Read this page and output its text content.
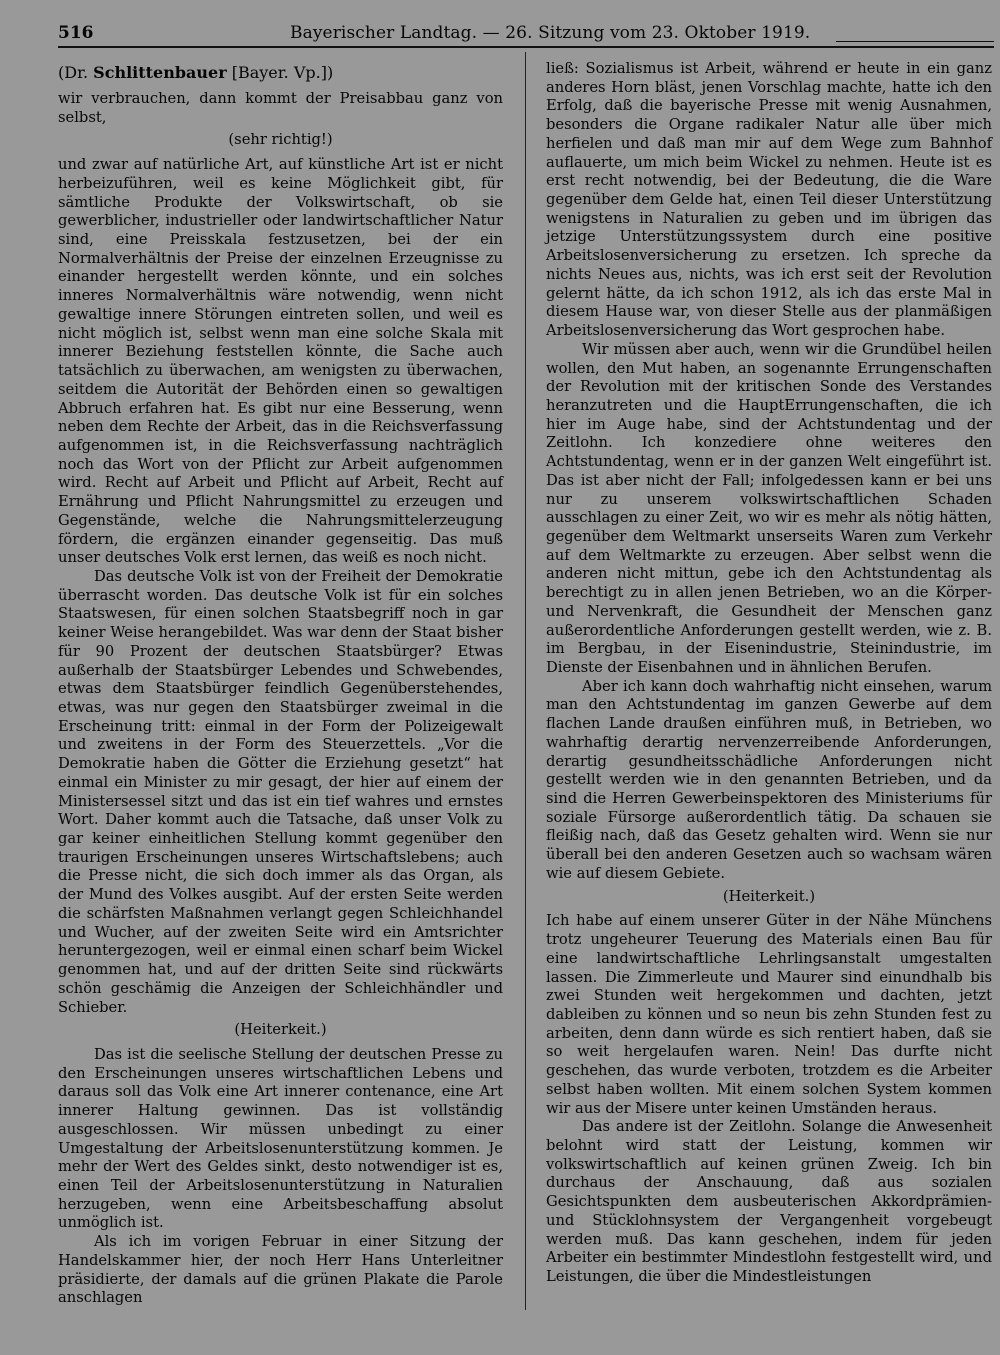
516	Bayerischer Landtag. — 26. Sitzung vom 23. Oktober 1919.

(Dr. Schlittenbauer [Bayer. Vp.])

wir verbrauchen, dann kommt der Preisabbau ganz von selbst,

(sehr richtig!)

und zwar auf natürliche Art, auf künstliche Art ist er nicht herbeizuführen, weil es keine Möglichkeit gibt, für sämtliche Produkte der Volkswirtschaft, ob sie gewerblicher, industrieller oder landwirtschaftlicher Natur sind, eine Preisskala festzusetzen, bei der ein Normalverhältnis der Preise der einzelnen Erzeugnisse zu einander hergestellt werden könnte, und ein solches inneres Normalverhältnis wäre notwendig, wenn nicht gewaltige innere Störungen eintreten sollen, und weil es nicht möglich ist, selbst wenn man eine solche Skala mit innerer Beziehung feststellen könnte, die Sache auch tatsächlich zu überwachen, am wenigsten zu überwachen, seitdem die Autorität der Behörden einen so gewaltigen Abbruch erfahren hat. Es gibt nur eine Besserung, wenn neben dem Rechte der Arbeit, das in die Reichsverfassung aufgenommen ist, in die Reichsverfassung nachträglich noch das Wort von der Pflicht zur Arbeit aufgenommen wird. Recht auf Arbeit und Pflicht auf Arbeit, Recht auf Ernährung und Pflicht Nahrungsmittel zu erzeugen und Gegenstände, welche die Nahrungsmittelerzeugung fördern, die ergänzen einander gegenseitig. Das muß unser deutsches Volk erst lernen, das weiß es noch nicht.

Das deutsche Volk ist von der Freiheit der Demokratie überrascht worden. Das deutsche Volk ist für ein solches Staatswesen, für einen solchen Staatsbegriff noch in gar keiner Weise herangebildet. Was war denn der Staat bisher für 90 Prozent der deutschen Staatsbürger? Etwas außerhalb der Staatsbürger Lebendes und Schwebendes, etwas dem Staatsbürger feindlich Gegenüberstehendes, etwas, was nur gegen den Staatsbürger zweimal in die Erscheinung tritt: einmal in der Form der Polizeigewalt und zweitens in der Form des Steuerzettels. „Vor die Demokratie haben die Götter die Erziehung gesetzt“ hat einmal ein Minister zu mir gesagt, der hier auf einem der Ministersessel sitzt und das ist ein tief wahres und ernstes Wort. Daher kommt auch die Tatsache, daß unser Volk zu gar keiner einheitlichen Stellung kommt gegenüber den traurigen Erscheinungen unseres Wirtschaftslebens; auch die Presse nicht, die sich doch immer als das Organ, als der Mund des Volkes ausgibt. Auf der ersten Seite werden die schärfsten Maßnahmen verlangt gegen Schleichhandel und Wucher, auf der zweiten Seite wird ein Amtsrichter heruntergezogen, weil er einmal einen scharf beim Wickel genommen hat, und auf der dritten Seite sind rückwärts schön geschämig die Anzeigen der Schleichhändler und Schieber.

(Heiterkeit.)

Das ist die seelische Stellung der deutschen Presse zu den Erscheinungen unseres wirtschaftlichen Lebens und daraus soll das Volk eine Art innerer contenance, eine Art innerer Haltung gewinnen. Das ist vollständig ausgeschlossen. Wir müssen unbedingt zu einer Umgestaltung der Arbeitslosenunterstützung kommen. Je mehr der Wert des Geldes sinkt, desto notwendiger ist es, einen Teil der Arbeitslosenunterstützung in Naturalien herzugeben, wenn eine Arbeitsbeschaffung absolut unmöglich ist.

Als ich im vorigen Februar in einer Sitzung der Handelskammer hier, der noch Herr Hans Unterleitner präsidierte, der damals auf die grünen Plakate die Parole anschlagen

ließ: Sozialismus ist Arbeit, während er heute in ein ganz anderes Horn bläst, jenen Vorschlag machte, hatte ich den Erfolg, daß die bayerische Presse mit wenig Ausnahmen, besonders die Organe radikaler Natur alle über mich herfielen und daß man mir auf dem Wege zum Bahnhof auflauerte, um mich beim Wickel zu nehmen. Heute ist es erst recht notwendig, bei der Bedeutung, die die Ware gegenüber dem Gelde hat, einen Teil dieser Unterstützung wenigstens in Naturalien zu geben und im übrigen das jetzige Unterstützungssystem durch eine positive Arbeitslosenversicherung zu ersetzen. Ich spreche da nichts Neues aus, nichts, was ich erst seit der Revolution gelernt hätte, da ich schon 1912, als ich das erste Mal in diesem Hause war, von dieser Stelle aus der planmäßigen Arbeitslosenversicherung das Wort gesprochen habe.

Wir müssen aber auch, wenn wir die Grundübel heilen wollen, den Mut haben, an sogenannte Errungenschaften der Revolution mit der kritischen Sonde des Verstandes heranzutreten und die HauptErrungenschaften, die ich hier im Auge habe, sind der Achtstundentag und der Zeitlohn. Ich konzediere ohne weiteres den Achtstundentag, wenn er in der ganzen Welt eingeführt ist. Das ist aber nicht der Fall; infolgedessen kann er bei uns nur zu unserem volkswirtschaftlichen Schaden ausschlagen zu einer Zeit, wo wir es mehr als nötig hätten, gegenüber dem Weltmarkt unserseits Waren zum Verkehr auf dem Weltmarkte zu erzeugen. Aber selbst wenn die anderen nicht mittun, gebe ich den Achtstundentag als berechtigt zu in allen jenen Betrieben, wo an die Körper- und Nervenkraft, die Gesundheit der Menschen ganz außerordentliche Anforderungen gestellt werden, wie z. B. im Bergbau, in der Eisenindustrie, Steinindustrie, im Dienste der Eisenbahnen und in ähnlichen Berufen.

Aber ich kann doch wahrhaftig nicht einsehen, warum man den Achtstundentag im ganzen Gewerbe auf dem flachen Lande draußen einführen muß, in Betrieben, wo wahrhaftig derartig nervenzerreibende Anforderungen, derartig gesundheitsschädliche Anforderungen nicht gestellt werden wie in den genannten Betrieben, und da sind die Herren Gewerbeinspektoren des Ministeriums für soziale Fürsorge außerordentlich tätig. Da schauen sie fleißig nach, daß das Gesetz gehalten wird. Wenn sie nur überall bei den anderen Gesetzen auch so wachsam wären wie auf diesem Gebiete.

(Heiterkeit.)

Ich habe auf einem unserer Güter in der Nähe Münchens trotz ungeheurer Teuerung des Materials einen Bau für eine landwirtschaftliche Lehrlingsanstalt umgestalten lassen. Die Zimmerleute und Maurer sind einundhalb bis zwei Stunden weit hergekommen und dachten, jetzt dableiben zu können und so neun bis zehn Stunden fest zu arbeiten, denn dann würde es sich rentiert haben, daß sie so weit hergelaufen waren. Nein! Das durfte nicht geschehen, das wurde verboten, trotzdem es die Arbeiter selbst haben wollten. Mit einem solchen System kommen wir aus der Misere unter keinen Umständen heraus.

Das andere ist der Zeitlohn. Solange die Anwesenheit belohnt wird statt der Leistung, kommen wir volkswirtschaftlich auf keinen grünen Zweig. Ich bin durchaus der Anschauung, daß aus sozialen Gesichtspunkten dem ausbeuterischen Akkordprämien- und Stücklohnsystem der Vergangenheit vorgebeugt werden muß. Das kann geschehen, indem für jeden Arbeiter ein bestimmter Mindestlohn festgestellt wird, und Leistungen, die über die Mindestleistungen
